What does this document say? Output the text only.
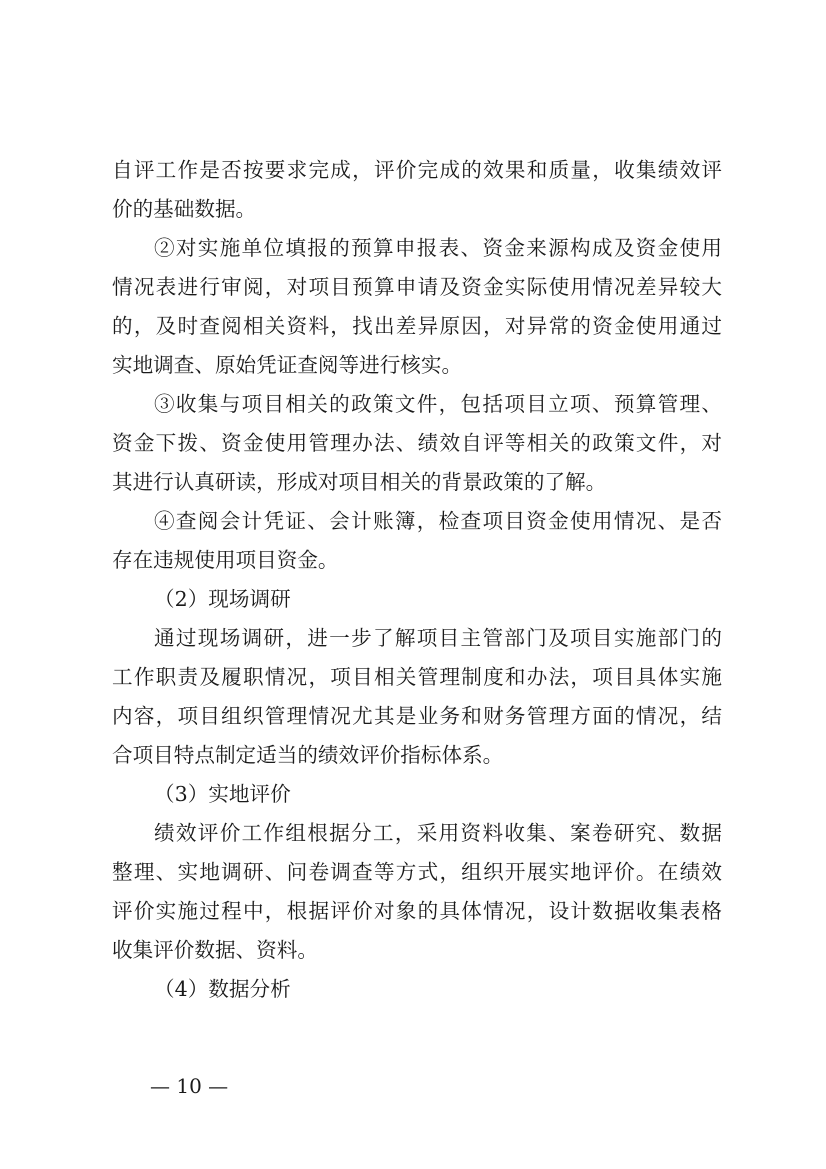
自评工作是否按要求完成，评价完成的效果和质量，收集绩效评
价的基础数据。
②对实施单位填报的预算申报表、资金来源构成及资金使用
情况表进行审阅，对项目预算申请及资金实际使用情况差异较大
的，及时查阅相关资料，找出差异原因，对异常的资金使用通过
实地调查、原始凭证查阅等进行核实。
③收集与项目相关的政策文件，包括项目立项、预算管理、
资金下拨、资金使用管理办法、绩效自评等相关的政策文件，对
其进行认真研读，形成对项目相关的背景政策的了解。
④查阅会计凭证、会计账簿，检查项目资金使用情况、是否
存在违规使用项目资金。
（2）现场调研
通过现场调研，进一步了解项目主管部门及项目实施部门的
工作职责及履职情况，项目相关管理制度和办法，项目具体实施
内容，项目组织管理情况尤其是业务和财务管理方面的情况，结
合项目特点制定适当的绩效评价指标体系。
（3）实地评价
绩效评价工作组根据分工，采用资料收集、案卷研究、数据
整理、实地调研、问卷调查等方式，组织开展实地评价。在绩效
评价实施过程中，根据评价对象的具体情况，设计数据收集表格
收集评价数据、资料。
（4）数据分析
— 10 —
